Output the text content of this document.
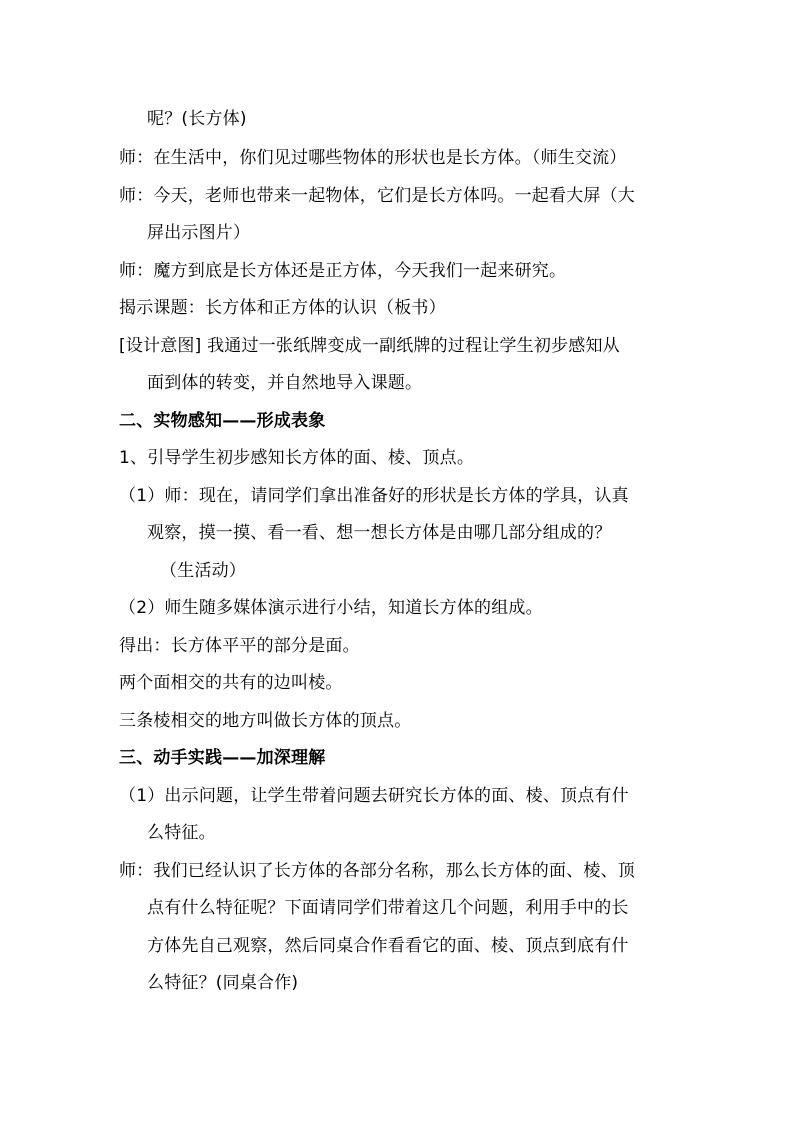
呢？(长方体)
师：在生活中，你们见过哪些物体的形状也是长方体。（师生交流）
师：今天，老师也带来一起物体，它们是长方体吗。一起看大屏（大
屏出示图片）
师：魔方到底是长方体还是正方体，今天我们一起来研究。
揭示课题：长方体和正方体的认识（板书）
[设计意图] 我通过一张纸牌变成一副纸牌的过程让学生初步感知从
面到体的转变，并自然地导入课题。
二、实物感知——形成表象
1、引导学生初步感知长方体的面、棱、顶点。
（1）师：现在，请同学们拿出准备好的形状是长方体的学具，认真
观察，摸一摸、看一看、想一想长方体是由哪几部分组成的？
（生活动）
（2）师生随多媒体演示进行小结，知道长方体的组成。
得出：长方体平平的部分是面。
两个面相交的共有的边叫棱。
三条棱相交的地方叫做长方体的顶点。
三、动手实践——加深理解
（1）出示问题，让学生带着问题去研究长方体的面、棱、顶点有什
么特征。
师：我们已经认识了长方体的各部分名称，那么长方体的面、棱、顶
点有什么特征呢？下面请同学们带着这几个问题，利用手中的长
方体先自己观察，然后同桌合作看看它的面、棱、顶点到底有什
么特征？(同桌合作)
